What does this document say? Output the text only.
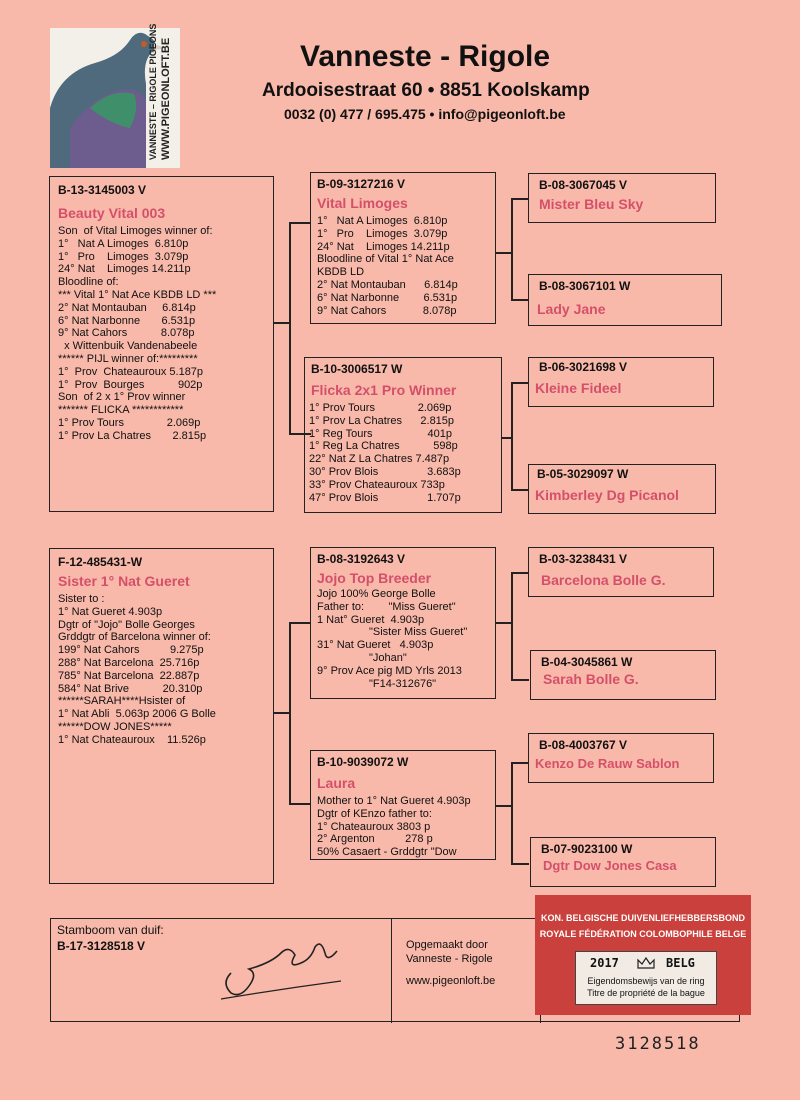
VANNESTE – RIGOLE PIGEONS WWW.PIGEONLOFT.BE	Vanneste - Rigole
Ardooisestraat 60 • 8851 Koolskamp
0032 (0) 477 / 695.475 • info@pigeonloft.be
B-13-3145003 V
Beauty Vital 003
Son  of Vital Limoges winner of:
1°   Nat A Limoges  6.810p
1°   Pro    Limoges  3.079p
24° Nat    Limoges 14.211p
Bloodline of:
*** Vital 1° Nat Ace KBDB LD ***
2° Nat Montauban     6.814p
6° Nat Narbonne       6.531p
9° Nat Cahors           8.078p
x Wittenbuik Vandenabeele
****** PIJL winner of:*********
1°  Prov  Chateauroux 5.187p
1°  Prov  Bourges           902p
Son  of 2 x 1° Prov winner
******* FLICKA ************
1° Prov Tours              2.069p
1° Prov La Chatres       2.815p
B-09-3127216 V
Vital Limoges
1°   Nat A Limoges  6.810p
1°   Pro    Limoges  3.079p
24° Nat    Limoges 14.211p
Bloodline of Vital 1° Nat Ace
KBDB LD
2° Nat Montauban      6.814p
6° Nat Narbonne        6.531p
9° Nat Cahors            8.078p
B-10-3006517 W
Flicka 2x1 Pro Winner
1° Prov Tours              2.069p
1° Prov La Chatres      2.815p
1° Reg Tours                  401p
1° Reg La Chatres           598p
22° Nat Z La Chatres 7.487p
30° Prov Blois                3.683p
33° Prov Chateauroux 733p
47° Prov Blois                1.707p
B-08-3067045 V
Mister Bleu Sky
B-08-3067101 W
Lady Jane
B-06-3021698 V
Kleine Fideel
B-05-3029097 W
Kimberley Dg Picanol
B-03-3238431 V
Barcelona Bolle G.
B-04-3045861 W
Sarah Bolle G.
B-08-4003767 V
Kenzo De Rauw Sablon
B-07-9023100 W
Dgtr Dow Jones Casa
F-12-485431-W
Sister 1° Nat Gueret
Sister to :
1° Nat Gueret 4.903p
Dgtr of "Jojo" Bolle Georges
Grddgtr of Barcelona winner of:
199° Nat Cahors          9.275p
288° Nat Barcelona  25.716p
785° Nat Barcelona  22.887p
584° Nat Brive           20.310p
******SARAH****Hsister of
1° Nat Abli  5.063p 2006 G Bolle
******DOW JONES*****
1° Nat Chateauroux    11.526p
B-08-3192643 V
Jojo Top Breeder
Jojo 100% George Bolle
Father to:        "Miss Gueret"
1 Nat° Gueret  4.903p
"Sister Miss Gueret"
31° Nat Gueret   4.903p
"Johan"
9° Prov Ace pig MD Yrls 2013
"F14-312676"
B-10-9039072 W
Laura
Mother to 1° Nat Gueret 4.903p
Dgtr of KEnzo father to:
1° Chateauroux 3803 p
2° Argenton          278 p
50% Casaert - Grddgtr "Dow
Stamboom van duif:
B-17-3128518 V	Opgemaakt door
Vanneste - Rigole
www.pigeonloft.be
KON. BELGISCHE DUIVENLIEFHEBBERSBOND
ROYALE FÉDÉRATION COLOMBOPHILE BELGE
2017	BELG
Eigendomsbewijs van de ring
Titre de propriété de la bague
3128518
